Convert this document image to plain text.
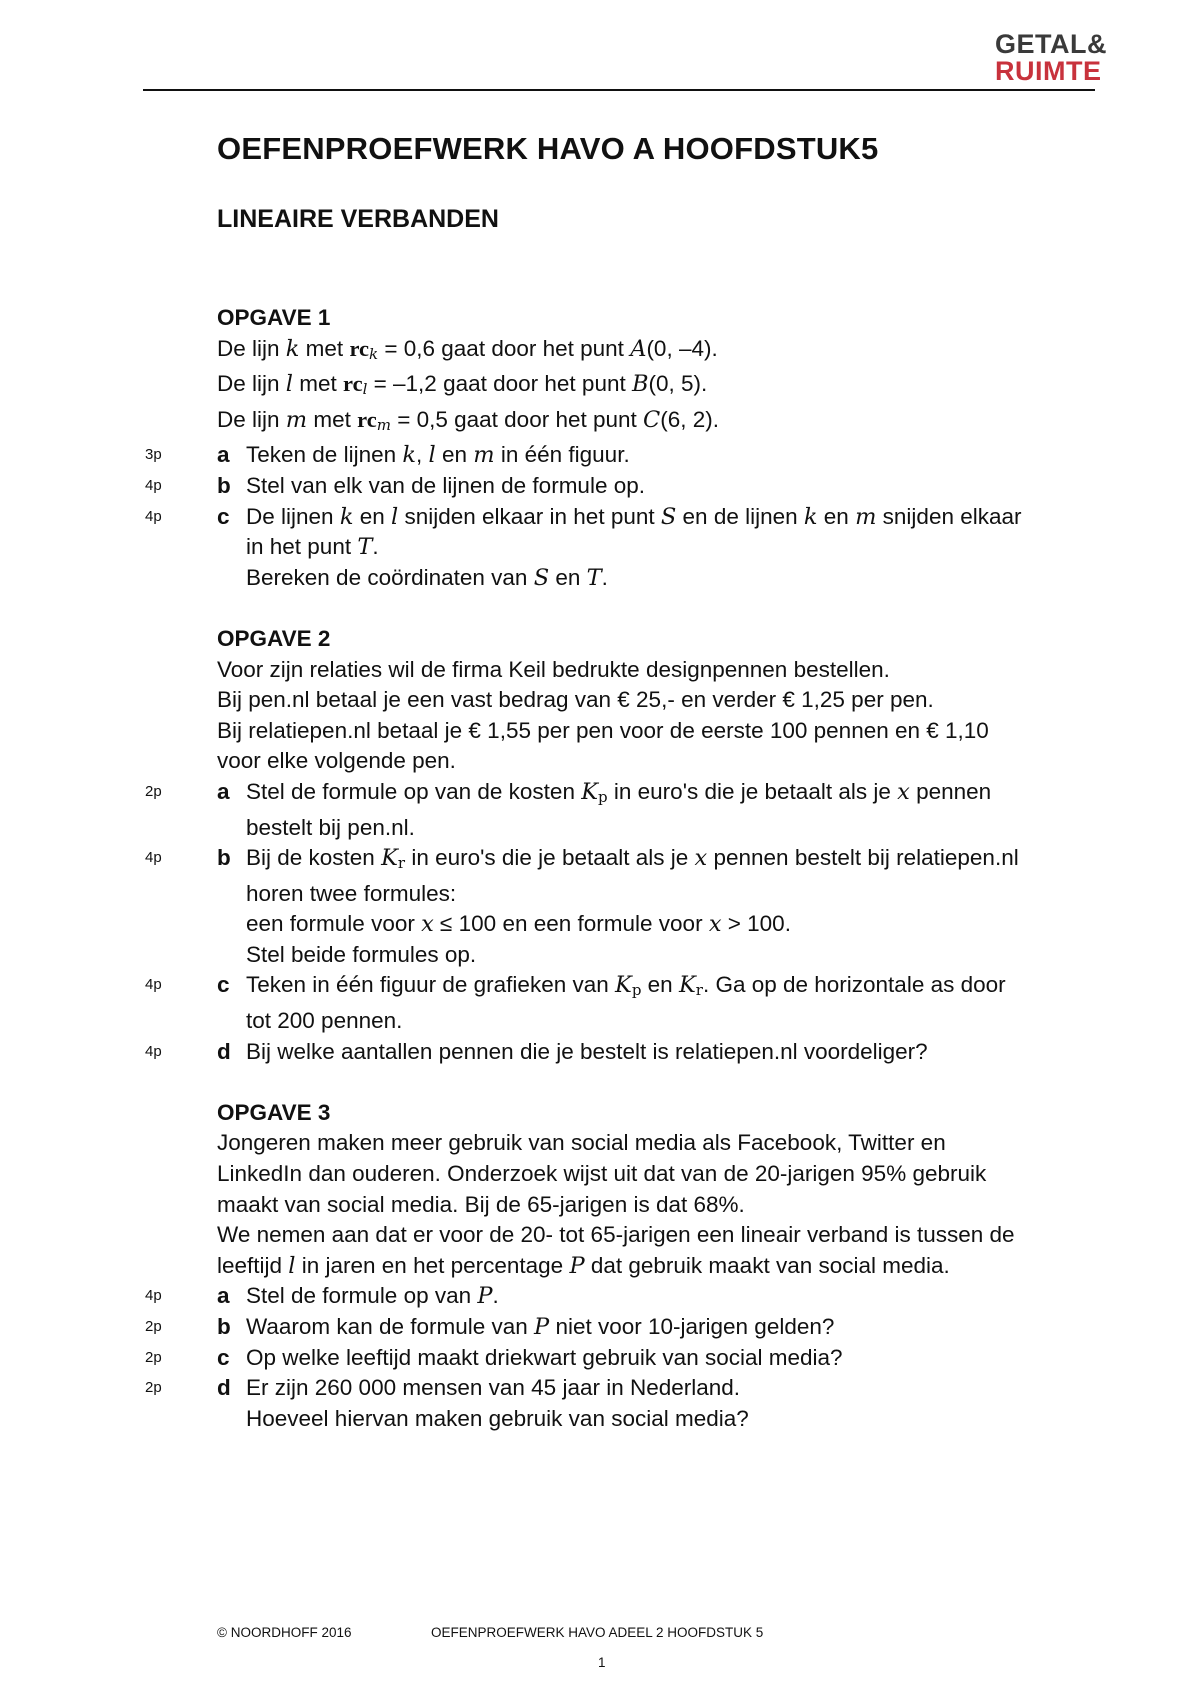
GETAL&
RUIMTE
OEFENPROEFWERK HAVO A HOOFDSTUK5
LINEAIRE VERBANDEN
OPGAVE 1
De lijn k met $rc_k = 0,6$ gaat door het punt A(0, –4).
De lijn l met $rc_l = -1,2$ gaat door het punt B(0, 5).
De lijn m met $rc_m = 0,5$ gaat door het punt C(6, 2).
3p a Teken de lijnen k, l en m in één figuur.
4p b Stel van elk van de lijnen de formule op.
4p c De lijnen k en l snijden elkaar in het punt S en de lijnen k en m snijden elkaar
in het punt T.
Bereken de coördinaten van S en T.
OPGAVE 2
Voor zijn relaties wil de firma Keil bedrukte designpennen bestellen.
Bij pen.nl betaal je een vast bedrag van € 25,- en verder € 1,25 per pen.
Bij relatiepen.nl betaal je € 1,55 per pen voor de eerste 100 pennen en € 1,10
voor elke volgende pen.
2p a Stel de formule op van de kosten $K_p$ in euro's die je betaalt als je x pennen
bestelt bij pen.nl.
4p b Bij de kosten $K_r$ in euro's die je betaalt als je x pennen bestelt bij relatiepen.nl
horen twee formules:
een formule voor x ≤ 100 en een formule voor x > 100.
Stel beide formules op.
4p c Teken in één figuur de grafieken van $K_p$ en $K_r$. Ga op de horizontale as door
tot 200 pennen.
4p d Bij welke aantallen pennen die je bestelt is relatiepen.nl voordeliger?
OPGAVE 3
Jongeren maken meer gebruik van social media als Facebook, Twitter en
LinkedIn dan ouderen. Onderzoek wijst uit dat van de 20-jarigen 95% gebruik
maakt van social media. Bij de 65-jarigen is dat 68%.
We nemen aan dat er voor de 20- tot 65-jarigen een lineair verband is tussen de
leeftijd l in jaren en het percentage P dat gebruik maakt van social media.
4p a Stel de formule op van P.
2p b Waarom kan de formule van P niet voor 10-jarigen gelden?
2p c Op welke leeftijd maakt driekwart gebruik van social media?
2p d Er zijn 260 000 mensen van 45 jaar in Nederland.
Hoeveel hiervan maken gebruik van social media?
© NOORDHOFF 2016	OEFENPROEFWERK HAVO ADEEL 2 HOOFDSTUK 5
1
